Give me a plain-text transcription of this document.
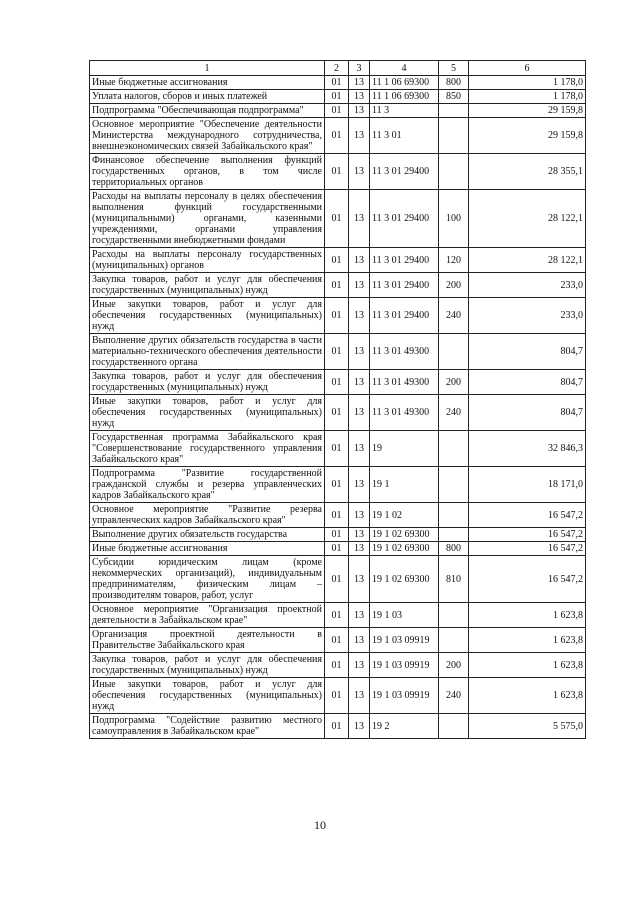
1	2	3	4	5	6
Иные бюджетные ассигнования	01	13	11 1 06 69300	800	1 178,0
Уплата налогов, сборов и иных платежей	01	13	11 1 06 69300	850	1 178,0
Подпрограмма "Обеспечивающая подпрограмма"	01	13	11 3		29 159,8
Основное мероприятие "Обеспечение деятельности Министерства международного сотрудничества, внешнеэкономических связей Забайкальского края"	01	13	11 3 01		29 159,8
Финансовое обеспечение выполнения функций государственных органов, в том числе территориальных органов	01	13	11 3 01 29400		28 355,1
Расходы на выплаты персоналу в целях обеспечения выполнения функций государственными (муниципальными) органами, казенными учреждениями, органами управления государственными внебюджетными фондами	01	13	11 3 01 29400	100	28 122,1
Расходы на выплаты персоналу государственных (муниципальных) органов	01	13	11 3 01 29400	120	28 122,1
Закупка товаров, работ и услуг для обеспечения государственных (муниципальных) нужд	01	13	11 3 01 29400	200	233,0
Иные закупки товаров, работ и услуг для обеспечения государственных (муниципальных) нужд	01	13	11 3 01 29400	240	233,0
Выполнение других обязательств государства в части материально-технического обеспечения деятельности государственного органа	01	13	11 3 01 49300		804,7
Закупка товаров, работ и услуг для обеспечения государственных (муниципальных) нужд	01	13	11 3 01 49300	200	804,7
Иные закупки товаров, работ и услуг для обеспечения государственных (муниципальных) нужд	01	13	11 3 01 49300	240	804,7
Государственная программа Забайкальского края "Совершенствование государственного управления Забайкальского края"	01	13	19		32 846,3
Подпрограмма "Развитие государственной гражданской службы и резерва управленческих кадров Забайкальского края"	01	13	19 1		18 171,0
Основное мероприятие "Развитие резерва управленческих кадров Забайкальского края"	01	13	19 1 02		16 547,2
Выполнение других обязательств государства	01	13	19 1 02 69300		16 547,2
Иные бюджетные ассигнования	01	13	19 1 02 69300	800	16 547,2
Субсидии юридическим лицам (кроме некоммерческих организаций), индивидуальным предпринимателям, физическим лицам – производителям товаров, работ, услуг	01	13	19 1 02 69300	810	16 547,2
Основное мероприятие "Организация проектной деятельности в Забайкальском крае"	01	13	19 1 03		1 623,8
Организация проектной деятельности в Правительстве Забайкальского края	01	13	19 1 03 09919		1 623,8
Закупка товаров, работ и услуг для обеспечения государственных (муниципальных) нужд	01	13	19 1 03 09919	200	1 623,8
Иные закупки товаров, работ и услуг для обеспечения государственных (муниципальных) нужд	01	13	19 1 03 09919	240	1 623,8
Подпрограмма "Содействие развитию местного самоуправления в Забайкальском крае"	01	13	19 2		5 575,0
10
